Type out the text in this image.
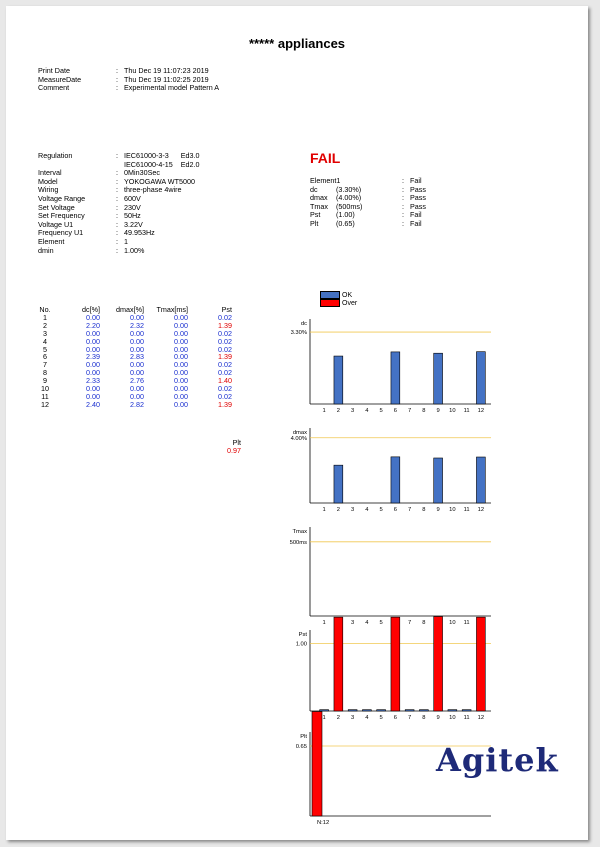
***** appliances
Print Date	: Thu Dec 19 11:07:23 2019
MeasureDate	: Thu Dec 19 11:02:25 2019
Comment	: Experimental model Pattern A
Regulation	: IEC61000-3-3      Ed3.0
IEC61000-4-15    Ed2.0
Interval	: 0Min30Sec
Model	: YOKOGAWA WT5000
Wiring	: three-phase 4wire
Voltage Range	: 600V
Set Voltage	: 230V
Set Frequency	: 50Hz
Voltage U1	: 3.22V
Frequency U1	: 49.953Hz
Element	: 1
dmin	: 1.00%
FAIL
Element1	: Fail
dc	(3.30%)	: Pass
dmax (4.00%)	: Pass
Tmax (500ms)	: Pass
Pst (1.00)	: Fail
Plt (0.65)	: Fail
No.	dc[%]	dmax[%]	Tmax[ms]	Pst
1	0.00	0.00	0.00	0.02
2	2.20	2.32	0.00	1.39
3	0.00	0.00	0.00	0.02
4	0.00	0.00	0.00	0.02
5	0.00	0.00	0.00	0.02
6	2.39	2.83	0.00	1.39
7	0.00	0.00	0.00	0.02
8	0.00	0.00	0.00	0.02
9	2.33	2.76	0.00	1.40
10	0.00	0.00	0.00	0.02
11	0.00	0.00	0.00	0.02
12	2.40	2.82	0.00	1.39
Plt
0.97
OK
Over
dc
3.30%
1 2 3 4 5 6 7 8 9 10 11 12
dmax
4.00%
1 2 3 4 5 6 7 8 9 10 11 12
Tmax
500ms
1	3 4 5	7 8	10 11
Pst
1.00
1 2 3 4 5 6 7 8 9 10 11 12
Plt
0.65
N:12
Agitek
